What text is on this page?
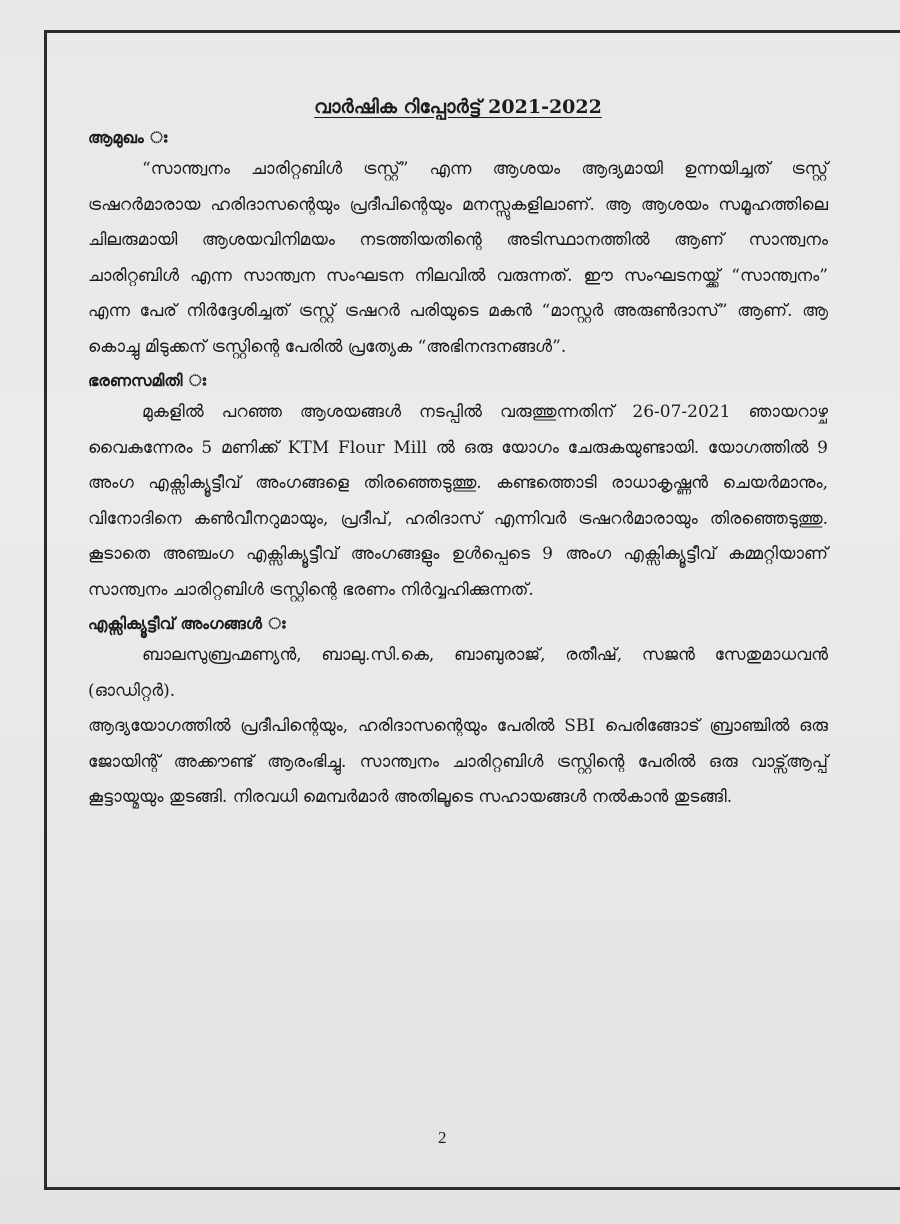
വാർഷിക റിപ്പോർട്ട് 2021-2022
ആമുഖം ഃ

“സാന്ത്വനം ചാരിറ്റബിൾ ട്രസ്റ്റ്” എന്ന ആശയം ആദ്യമായി ഉന്നയിച്ചത് ട്രസ്റ്റ് ട്രഷറർമാരായ ഹരിദാസന്റെയും പ്രദീപിന്റെയും മനസ്സുകളിലാണ്. ആ ആശയം സമൂഹത്തിലെ ചിലരുമായി ആശയവിനിമയം നടത്തിയതിന്റെ അടിസ്ഥാനത്തിൽ ആണ് സാന്ത്വനം ചാരിറ്റബിൾ എന്ന സാന്ത്വന സംഘടന നിലവിൽ വരുന്നത്. ഈ സംഘടനയ്ക്ക് “സാന്ത്വനം” എന്ന പേര് നിർദ്ദേശിച്ചത് ട്രസ്റ്റ് ട്രഷറർ പരിയുടെ മകൻ “മാസ്റ്റർ അരുൺദാസ്” ആണ്. ആ കൊച്ചു മിടുക്കന് ട്രസ്റ്റിന്റെ പേരിൽ പ്രത്യേക “അഭിനന്ദനങ്ങൾ”.

ഭരണസമിതി ഃ

മുകളിൽ പറഞ്ഞ ആശയങ്ങൾ നടപ്പിൽ വരുത്തുന്നതിന് 26-07-2021 ഞായറാഴ്ച വൈകുന്നേരം 5 മണിക്ക് KTM Flour Mill ൽ ഒരു യോഗം ചേരുകയുണ്ടായി. യോഗത്തിൽ 9 അംഗ എക്സിക്യൂട്ടീവ് അംഗങ്ങളെ തിരഞ്ഞെടുത്തു. കണ്ടത്തൊടി രാധാകൃഷ്ണൻ ചെയർമാനും, വിനോദിനെ കൺവീനറുമായും, പ്രദീപ്, ഹരിദാസ് എന്നിവർ ട്രഷറർമാരായും തിരഞ്ഞെടുത്തു. കൂടാതെ അഞ്ചംഗ എക്സിക്യൂട്ടീവ് അംഗങ്ങളും ഉൾപ്പെടെ 9 അംഗ എക്സിക്യൂട്ടീവ് കമ്മറ്റിയാണ് സാന്ത്വനം ചാരിറ്റബിൾ ട്രസ്റ്റിന്റെ ഭരണം നിർവ്വഹിക്കുന്നത്.

എക്സിക്യൂട്ടീവ് അംഗങ്ങൾ ഃ

ബാലസുബ്രഹ്മണ്യൻ, ബാലു.സി.കെ, ബാബുരാജ്, രതീഷ്, സജൻ സേതുമാധവൻ (ഓഡിറ്റർ).

ആദ്യയോഗത്തിൽ പ്രദീപിന്റെയും, ഹരിദാസന്റെയും പേരിൽ SBI പെരിങ്ങോട് ബ്രാഞ്ചിൽ ഒരു ജോയിന്റ് അക്കൗണ്ട് ആരംഭിച്ചു. സാന്ത്വനം ചാരിറ്റബിൾ ട്രസ്റ്റിന്റെ പേരിൽ ഒരു വാട്സ്ആപ്പ് കൂട്ടായ്മയും തുടങ്ങി. നിരവധി മെമ്പർമാർ അതിലൂടെ സഹായങ്ങൾ നൽകാൻ തുടങ്ങി.

2
